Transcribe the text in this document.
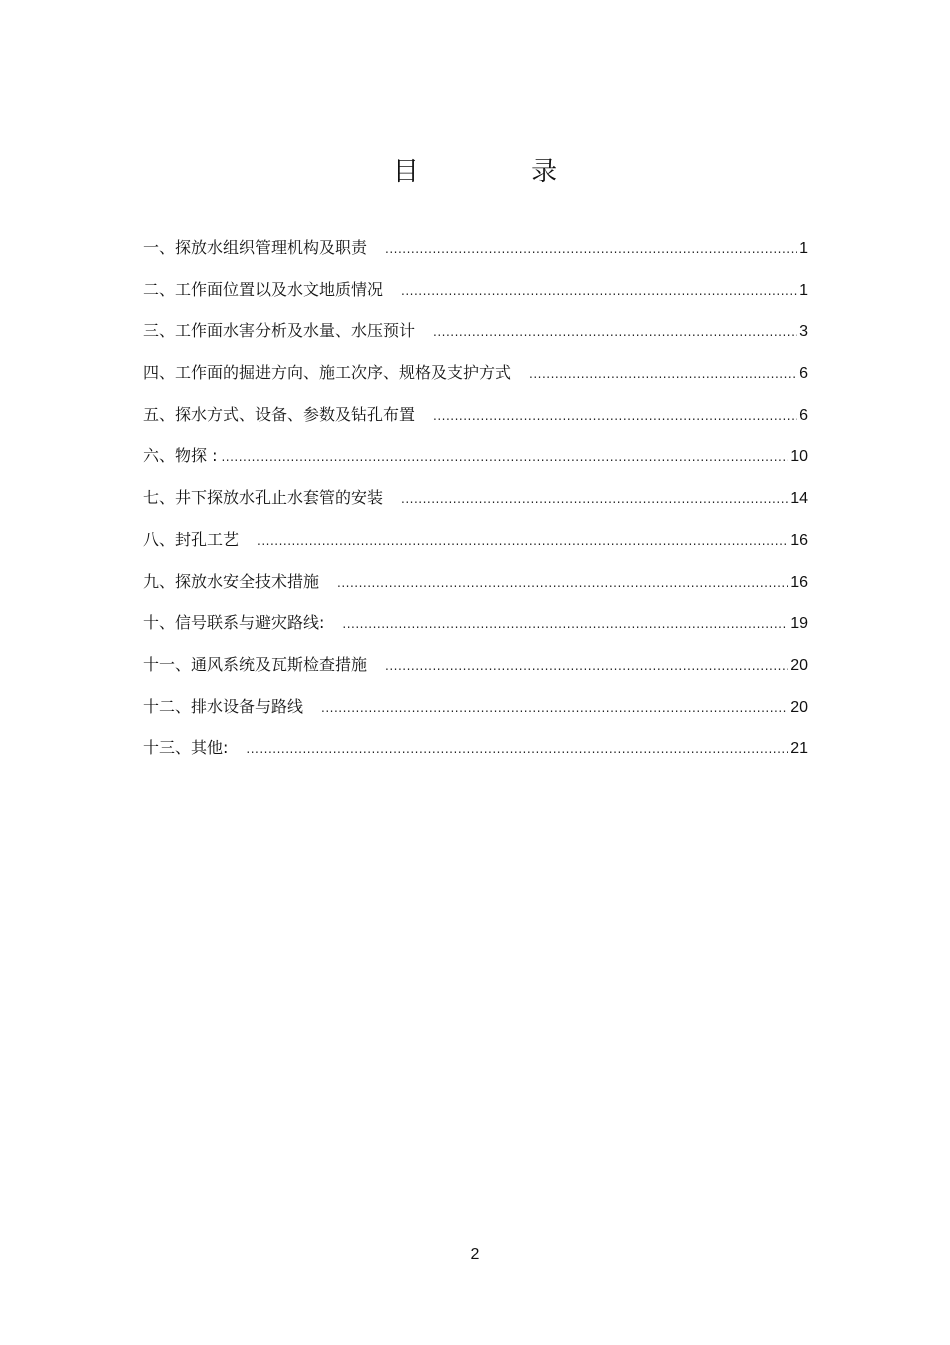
目 录
一、探放水组织管理机构及职责 .....	1
二、工作面位置以及水文地质情况 .....	1
三、工作面水害分析及水量、水压预计 .....	3
四、工作面的掘进方向、施工次序、规格及支护方式 .....	6
五、探水方式、设备、参数及钻孔布置 .....	6
六、物探 : .....	10
七、井下探放水孔止水套管的安装 .....	14
八、封孔工艺 .....	16
九、探放水安全技术措施 .....	16
十、信号联系与避灾路线: .....	19
十一、通风系统及瓦斯检查措施 .....	20
十二、排水设备与路线 .....	20
十三、其他: .....	21
2
